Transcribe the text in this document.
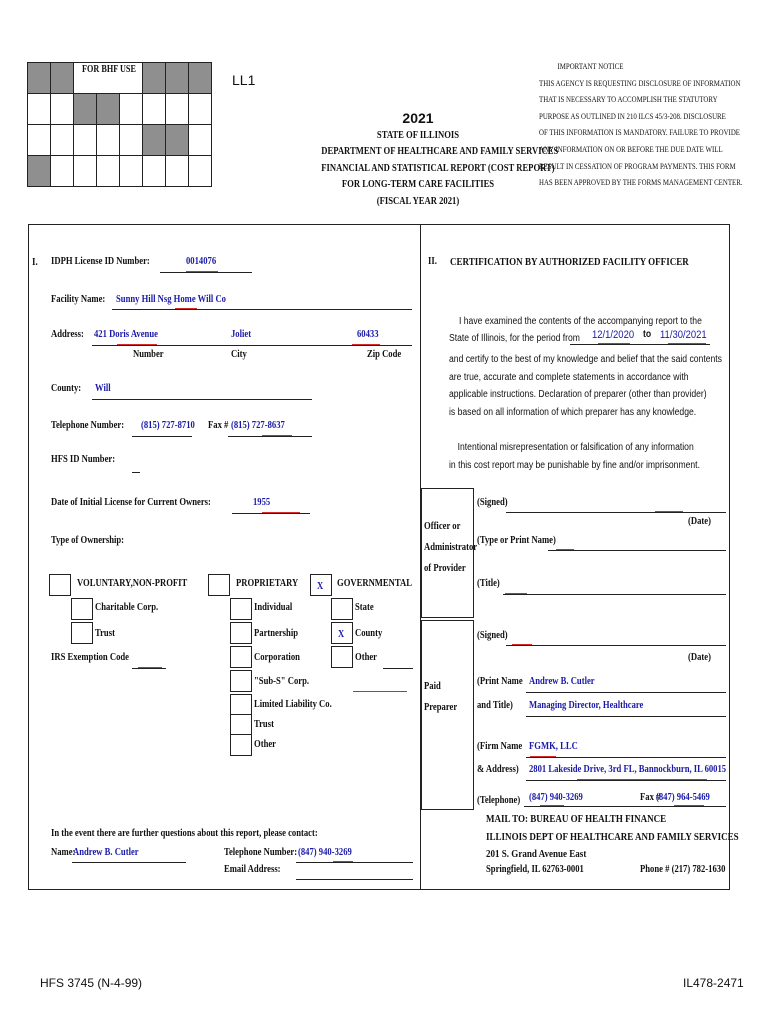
FOR BHF USE
LL1
2021
STATE OF ILLINOIS
DEPARTMENT OF HEALTHCARE AND FAMILY SERVICES
FINANCIAL AND STATISTICAL REPORT (COST REPORT)
FOR LONG-TERM CARE FACILITIES
(FISCAL YEAR 2021)
IMPORTANT NOTICE
THIS AGENCY IS REQUESTING DISCLOSURE OF INFORMATION
THAT IS NECESSARY TO ACCOMPLISH THE STATUTORY
PURPOSE AS OUTLINED IN 210 ILCS 45/3-208. DISCLOSURE
OF THIS INFORMATION IS MANDATORY. FAILURE TO PROVIDE
ANY INFORMATION ON OR BEFORE THE DUE DATE WILL
RESULT IN CESSATION OF PROGRAM PAYMENTS. THIS FORM
HAS BEEN APPROVED BY THE FORMS MANAGEMENT CENTER.
I. IDPH License ID Number:	0014076
Facility Name: Sunny Hill Nsg Home Will Co
Address: 421 Doris Avenue	Joliet	60433
Number	City	Zip Code
County: Will
Telephone Number: (815) 727-8710 Fax # (815) 727-8637
HFS ID Number:
Date of Initial License for Current Owners:	1955
Type of Ownership:
VOLUNTARY,NON-PROFIT
Charitable Corp.
Trust
IRS Exemption Code
PROPRIETARY
Individual
Partnership
Corporation
"Sub-S" Corp.
Limited Liability Co.
Trust
Other
X	GOVERNMENTAL
State
X	County
Other
In the event there are further questions about this report, please contact:
Name:
Andrew B. Cutler	Telephone Number: (847) 940-3269
Email Address:
II. CERTIFICATION BY AUTHORIZED FACILITY OFFICER
I have examined the contents of the accompanying report to the
State of Illinois, for the period from 12/1/2020 to 11/30/2021
and certify to the best of my knowledge and belief that the said contents
are true, accurate and complete statements in accordance with
applicable instructions. Declaration of preparer (other than provider)
is based on all information of which preparer has any knowledge.
Intentional misrepresentation or falsification of any information
in this cost report may be punishable by fine and/or imprisonment.
Officer or
Administrator
of Provider
(Signed)
(Date)
(Type or Print Name)
(Title)
Paid
Preparer
(Signed)
(Date)
(Print Name Andrew B. Cutler
and Title) Managing Director, Healthcare
(Firm Name FGMK, LLC
& Address) 2801 Lakeside Drive, 3rd FL, Bannockburn, IL 60015
(Telephone) (847) 940-3269	Fax #
(847) 964-5469
MAIL TO: BUREAU OF HEALTH FINANCE
ILLINOIS DEPT OF HEALTHCARE AND FAMILY SERVICES
201 S. Grand Avenue East
Springfield, IL 62763-0001	Phone # (217) 782-1630
HFS 3745 (N-4-99)	IL478-2471
